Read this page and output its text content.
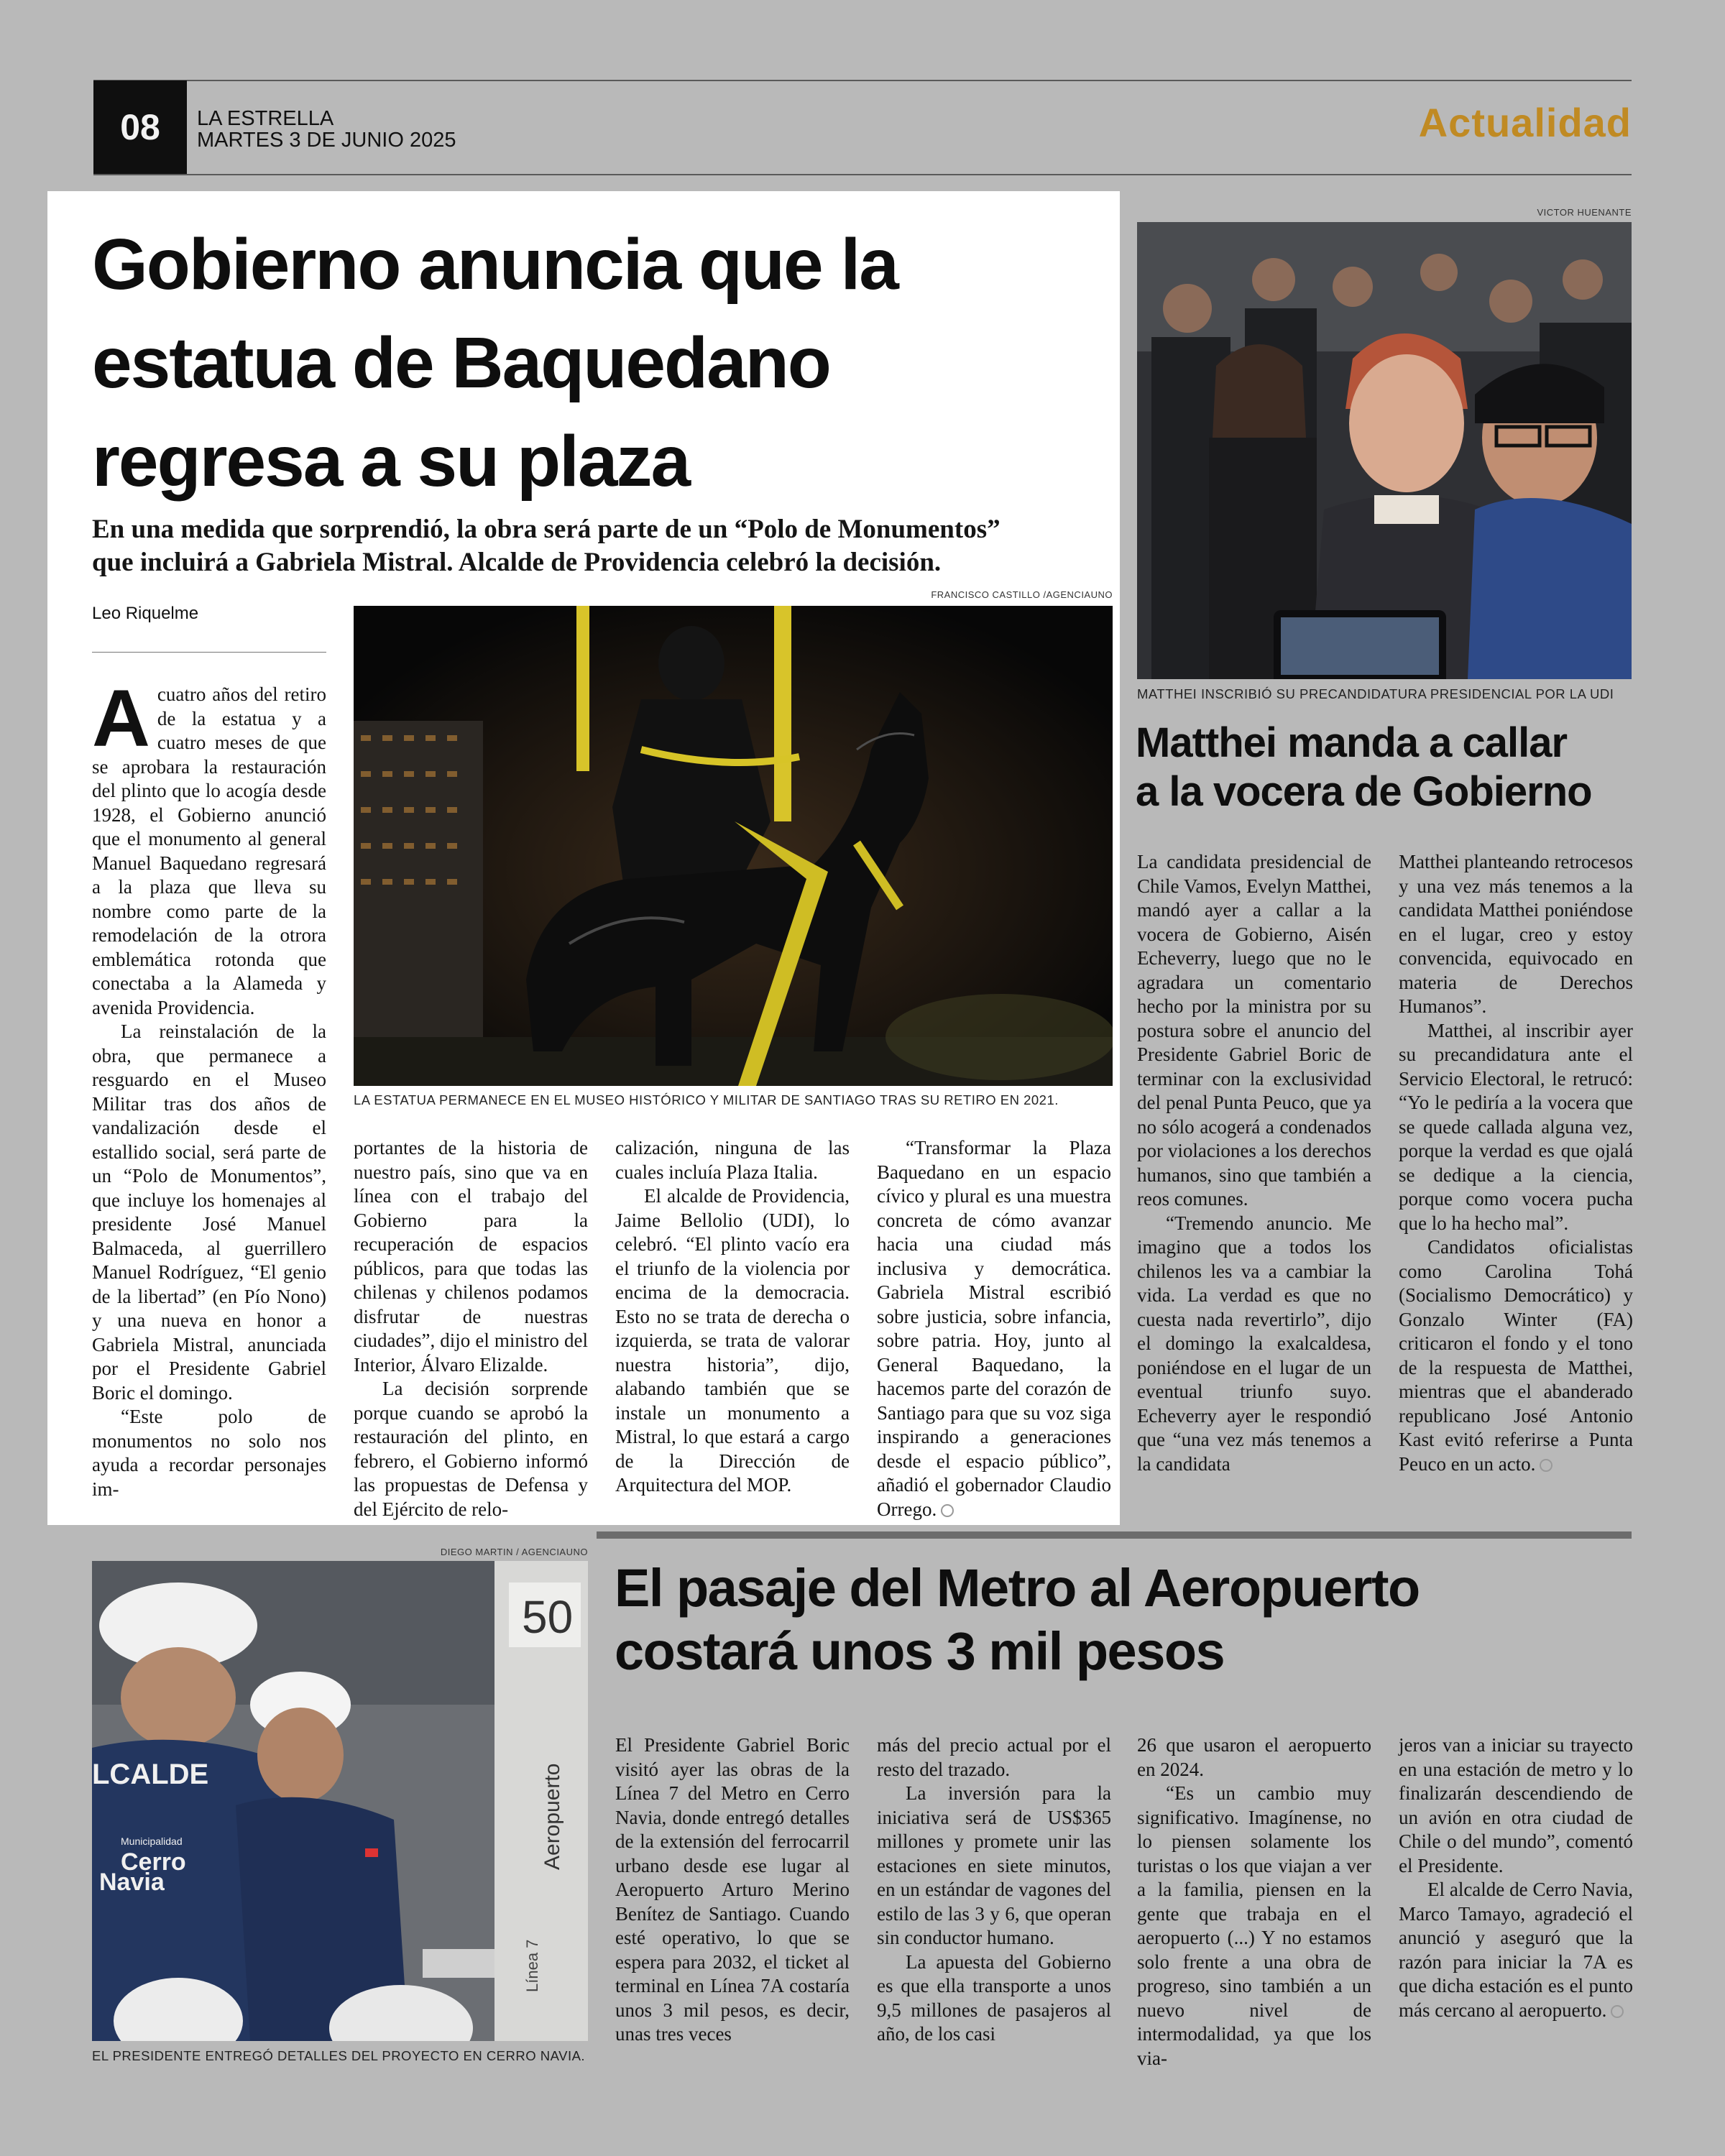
08	LA ESTRELLA
MARTES 3 DE JUNIO 2025	Actualidad
Gobierno anuncia que la
estatua de Baquedano
regresa a su plaza
En una medida que sorprendió, la obra será parte de un “Polo de Monumentos”
que incluirá a Gabriela Mistral. Alcalde de Providencia celebró la decisión.
Leo Riquelme
FRANCISCO CASTILLO /AGENCIAUNO
LA ESTATUA PERMANECE EN EL MUSEO HISTÓRICO Y MILITAR DE SANTIAGO TRAS SU RETIRO EN 2021.

Acuatro años del retiro de la estatua y a cuatro meses de que se aprobara la restauración del plinto que lo acogía desde 1928, el Gobierno anunció que el monumento al general Manuel Baquedano regresará a la plaza que lleva su nombre como parte de la remodelación de la otrora emblemática rotonda que conectaba a la Alameda y avenida Providencia.

La reinstalación de la obra, que permanece a resguardo en el Museo Militar tras dos años de vandalización desde el estallido social, será parte de un “Polo de Monumentos”, que incluye los homenajes al presidente José Manuel Balmaceda, al guerrillero Manuel Rodríguez, “El genio de la libertad” (en Pío Nono) y una nueva en honor a Gabriela Mistral, anunciada por el Presidente Gabriel Boric el domingo.

“Este polo de monumentos no solo nos ayuda a recordar personajes im-

portantes de la historia de nuestro país, sino que va en línea con el trabajo del Gobierno para la recuperación de espacios públicos, para que todas las chilenas y chilenos podamos disfrutar de nuestras ciudades”, dijo el ministro del Interior, Álvaro Elizalde.

La decisión sorprende porque cuando se aprobó la restauración del plinto, en febrero, el Gobierno informó las propuestas de Defensa y del Ejército de relo-

calización, ninguna de las cuales incluía Plaza Italia.

El alcalde de Providencia, Jaime Bellolio (UDI), lo celebró. “El plinto vacío era el triunfo de la violencia por encima de la democracia. Esto no se trata de derecha o izquierda, se trata de valorar nuestra historia”, dijo, alabando también que se instale un monumento a Mistral, lo que estará a cargo de la Dirección de Arquitectura del MOP.

“Transformar la Plaza Baquedano en un espacio cívico y plural es una muestra concreta de cómo avanzar hacia una ciudad más inclusiva y democrática. Gabriela Mistral escribió sobre justicia, sobre infancia, sobre patria. Hoy, junto al General Baquedano, la hacemos parte del corazón de Santiago para que su voz siga inspirando a generaciones desde el espacio público”, añadió el gobernador Claudio Orrego.

VICTOR HUENANTE
MATTHEI INSCRIBIÓ SU PRECANDIDATURA PRESIDENCIAL POR LA UDI
Matthei manda a callar
a la vocera de Gobierno

La candidata presidencial de Chile Vamos, Evelyn Matthei, mandó ayer a callar a la vocera de Gobierno, Aisén Echeverry, luego que no le agradara un comentario hecho por la ministra por su postura sobre el anuncio del Presidente Gabriel Boric de terminar con la exclusividad del penal Punta Peuco, que ya no sólo acogerá a condenados por violaciones a los derechos humanos, sino que también a reos comunes.

“Tremendo anuncio. Me imagino que a todos los chilenos les va a cambiar la vida. La verdad es que no cuesta nada revertirlo”, dijo el domingo la exalcaldesa, poniéndose en el lugar de un eventual triunfo suyo. Echeverry ayer le respondió que “una vez más tenemos a la candidata

Matthei planteando retrocesos y una vez más tenemos a la candidata Matthei poniéndose en el lugar, creo y estoy convencida, equivocado en materia de Derechos Humanos”.

Matthei, al inscribir ayer su precandidatura ante el Servicio Electoral, le retrucó: “Yo le pediría a la vocera que se quede callada alguna vez, porque la verdad es que ojalá se dedique a la ciencia, porque como vocera pucha que lo ha hecho mal”.

Candidatos oficialistas como Carolina Tohá (Socialismo Democrático) y Gonzalo Winter (FA) criticaron el fondo y el tono de la respuesta de Matthei, mientras que el abanderado republicano José Antonio Kast evitó referirse a Punta Peuco en un acto.

DIEGO MARTIN / AGENCIAUNO
50
Aeropuerto
Línea 7
LCALDE
Municipalidad
Cerro
Navia
EL PRESIDENTE ENTREGÓ DETALLES DEL PROYECTO EN CERRO NAVIA.
El pasaje del Metro al Aeropuerto
costará unos 3 mil pesos

El Presidente Gabriel Boric visitó ayer las obras de la Línea 7 del Metro en Cerro Navia, donde entregó detalles de la extensión del ferrocarril urbano desde ese lugar al Aeropuerto Arturo Merino Benítez de Santiago. Cuando esté operativo, lo que se espera para 2032, el ticket al terminal en Línea 7A costaría unos 3 mil pesos, es decir, unas tres veces

más del precio actual por el resto del trazado.

La inversión para la iniciativa será de US$365 millones y promete unir las estaciones en siete minutos, en un estándar de vagones del estilo de las 3 y 6, que operan sin conductor humano.

La apuesta del Gobierno es que ella transporte a unos 9,5 millones de pasajeros al año, de los casi

26 que usaron el aeropuerto en 2024.

“Es un cambio muy significativo. Imagínense, no lo piensen solamente los turistas o los que viajan a ver a la familia, piensen en la gente que trabaja en el aeropuerto (...) Y no estamos solo frente a una obra de progreso, sino también a un nuevo nivel de intermodalidad, ya que los via-

jeros van a iniciar su trayecto en una estación de metro y lo finalizarán descendiendo de un avión en otra ciudad de Chile o del mundo”, comentó el Presidente.

El alcalde de Cerro Navia, Marco Tamayo, agradeció el anunció y aseguró que la razón para iniciar la 7A es que dicha estación es el punto más cercano al aeropuerto.
